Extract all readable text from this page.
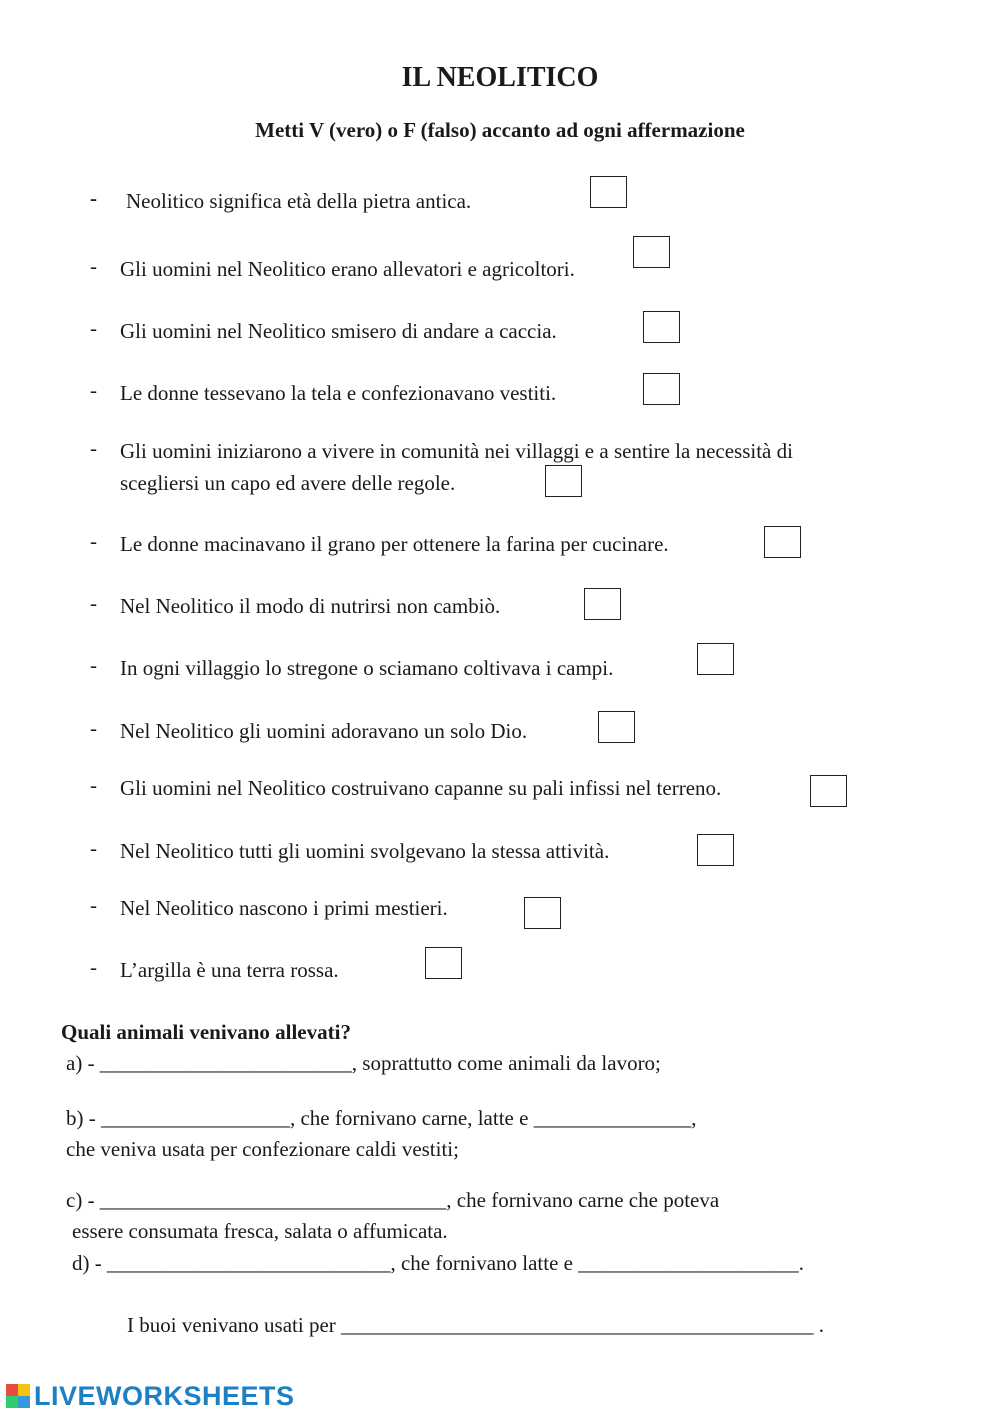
IL NEOLITICO
Metti V (vero) o F (falso) accanto ad ogni affermazione
- Neolitico significa età della pietra antica.
- Gli uomini nel Neolitico erano allevatori e agricoltori.
- Gli uomini nel Neolitico smisero di andare a caccia.
- Le donne tessevano la tela e confezionavano vestiti.
- Gli uomini iniziarono a vivere in comunità nei villaggi e a sentire la necessità di
scegliersi un capo ed avere delle regole.
- Le donne macinavano il grano per ottenere la farina per cucinare.
- Nel Neolitico il modo di nutrirsi non cambiò.
- In ogni villaggio lo stregone o sciamano coltivava i campi.
- Nel Neolitico gli uomini adoravano un solo Dio.
- Gli uomini nel Neolitico costruivano capanne su pali infissi nel terreno.
- Nel Neolitico tutti gli uomini svolgevano la stessa attività.
- Nel Neolitico nascono i primi mestieri.
- L’argilla è una terra rossa.
Quali animali venivano allevati?
a) - ________________________, soprattutto come animali da lavoro;
b) - __________________, che fornivano carne, latte e _______________,
che veniva usata per confezionare caldi vestiti;
c) - _________________________________, che fornivano carne che poteva
essere consumata fresca, salata o affumicata.
d) - ___________________________, che fornivano latte e _____________________.
I buoi venivano usati per _____________________________________________ .
LIVEWORKSHEETS
